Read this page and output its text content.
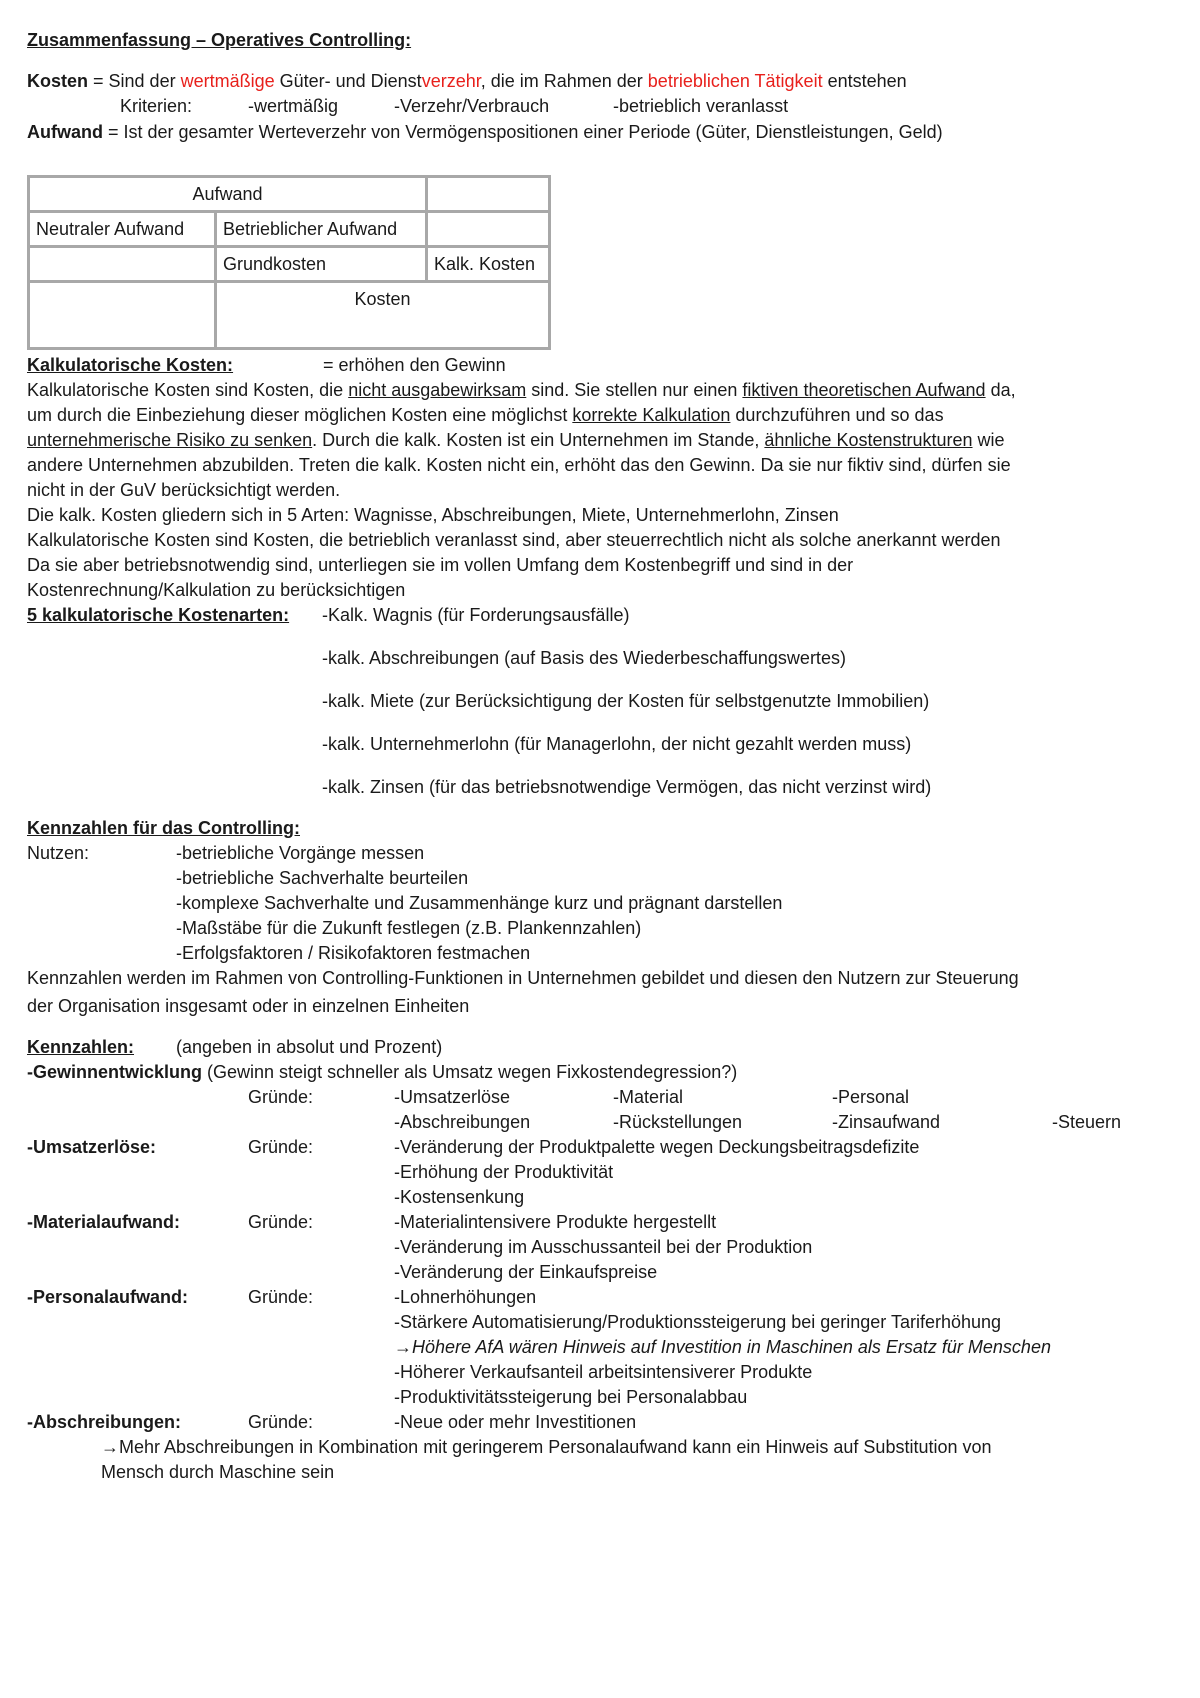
Zusammenfassung – Operatives Controlling:
Kosten = Sind der wertmäßige Güter- und Dienstverzehr, die im Rahmen der betrieblichen Tätigkeit entstehen
Kriterien:	-wertmäßig	-Verzehr/Verbrauch	-betrieblich veranlasst
Aufwand = Ist der gesamter Werteverzehr von Vermögenspositionen einer Periode (Güter, Dienstleistungen, Geld)
Aufwand		
Neutraler Aufwand	Betrieblicher Aufwand	
	Grundkosten	Kalk. Kosten
	Kosten	
Kalkulatorische Kosten:	= erhöhen den Gewinn
Kalkulatorische Kosten sind Kosten, die nicht ausgabewirksam sind. Sie stellen nur einen fiktiven theoretischen Aufwand da,
um durch die Einbeziehung dieser möglichen Kosten eine möglichst korrekte Kalkulation durchzuführen und so das
unternehmerische Risiko zu senken. Durch die kalk. Kosten ist ein Unternehmen im Stande, ähnliche Kostenstrukturen wie
andere Unternehmen abzubilden. Treten die kalk. Kosten nicht ein, erhöht das den Gewinn. Da sie nur fiktiv sind, dürfen sie
nicht in der GuV berücksichtigt werden.
Die kalk. Kosten gliedern sich in 5 Arten: Wagnisse, Abschreibungen, Miete, Unternehmerlohn, Zinsen
Kalkulatorische Kosten sind Kosten, die betrieblich veranlasst sind, aber steuerrechtlich nicht als solche anerkannt werden
Da sie aber betriebsnotwendig sind, unterliegen sie im vollen Umfang dem Kostenbegriff und sind in der
Kostenrechnung/Kalkulation zu berücksichtigen
5 kalkulatorische Kostenarten: -Kalk. Wagnis (für Forderungsausfälle)
-kalk. Abschreibungen (auf Basis des Wiederbeschaffungswertes)
-kalk. Miete (zur Berücksichtigung der Kosten für selbstgenutzte Immobilien)
-kalk. Unternehmerlohn (für Managerlohn, der nicht gezahlt werden muss)
-kalk. Zinsen (für das betriebsnotwendige Vermögen, das nicht verzinst wird)
Kennzahlen für das Controlling:
Nutzen:	-betriebliche Vorgänge messen
-betriebliche Sachverhalte beurteilen
-komplexe Sachverhalte und Zusammenhänge kurz und prägnant darstellen
-Maßstäbe für die Zukunft festlegen (z.B. Plankennzahlen)
-Erfolgsfaktoren / Risikofaktoren festmachen
Kennzahlen werden im Rahmen von Controlling-Funktionen in Unternehmen gebildet und diesen den Nutzern zur Steuerung
der Organisation insgesamt oder in einzelnen Einheiten
Kennzahlen: (angeben in absolut und Prozent)
-Gewinnentwicklung (Gewinn steigt schneller als Umsatz wegen Fixkostendegression?)
Gründe:	-Umsatzerlöse	-Material	-Personal
-Abschreibungen	-Rückstellungen	-Zinsaufwand	-Steuern
-Umsatzerlöse:	Gründe:	-Veränderung der Produktpalette wegen Deckungsbeitragsdefizite
-Erhöhung der Produktivität
-Kostensenkung
-Materialaufwand:	Gründe:	-Materialintensivere Produkte hergestellt
-Veränderung im Ausschussanteil bei der Produktion
-Veränderung der Einkaufspreise
-Personalaufwand:	Gründe:	-Lohnerhöhungen
-Stärkere Automatisierung/Produktionssteigerung bei geringer Tariferhöhung
→Höhere AfA wären Hinweis auf Investition in Maschinen als Ersatz für Menschen
-Höherer Verkaufsanteil arbeitsintensiverer Produkte
-Produktivitätssteigerung bei Personalabbau
-Abschreibungen:	Gründe:	-Neue oder mehr Investitionen
→Mehr Abschreibungen in Kombination mit geringerem Personalaufwand kann ein Hinweis auf Substitution von
Mensch durch Maschine sein
